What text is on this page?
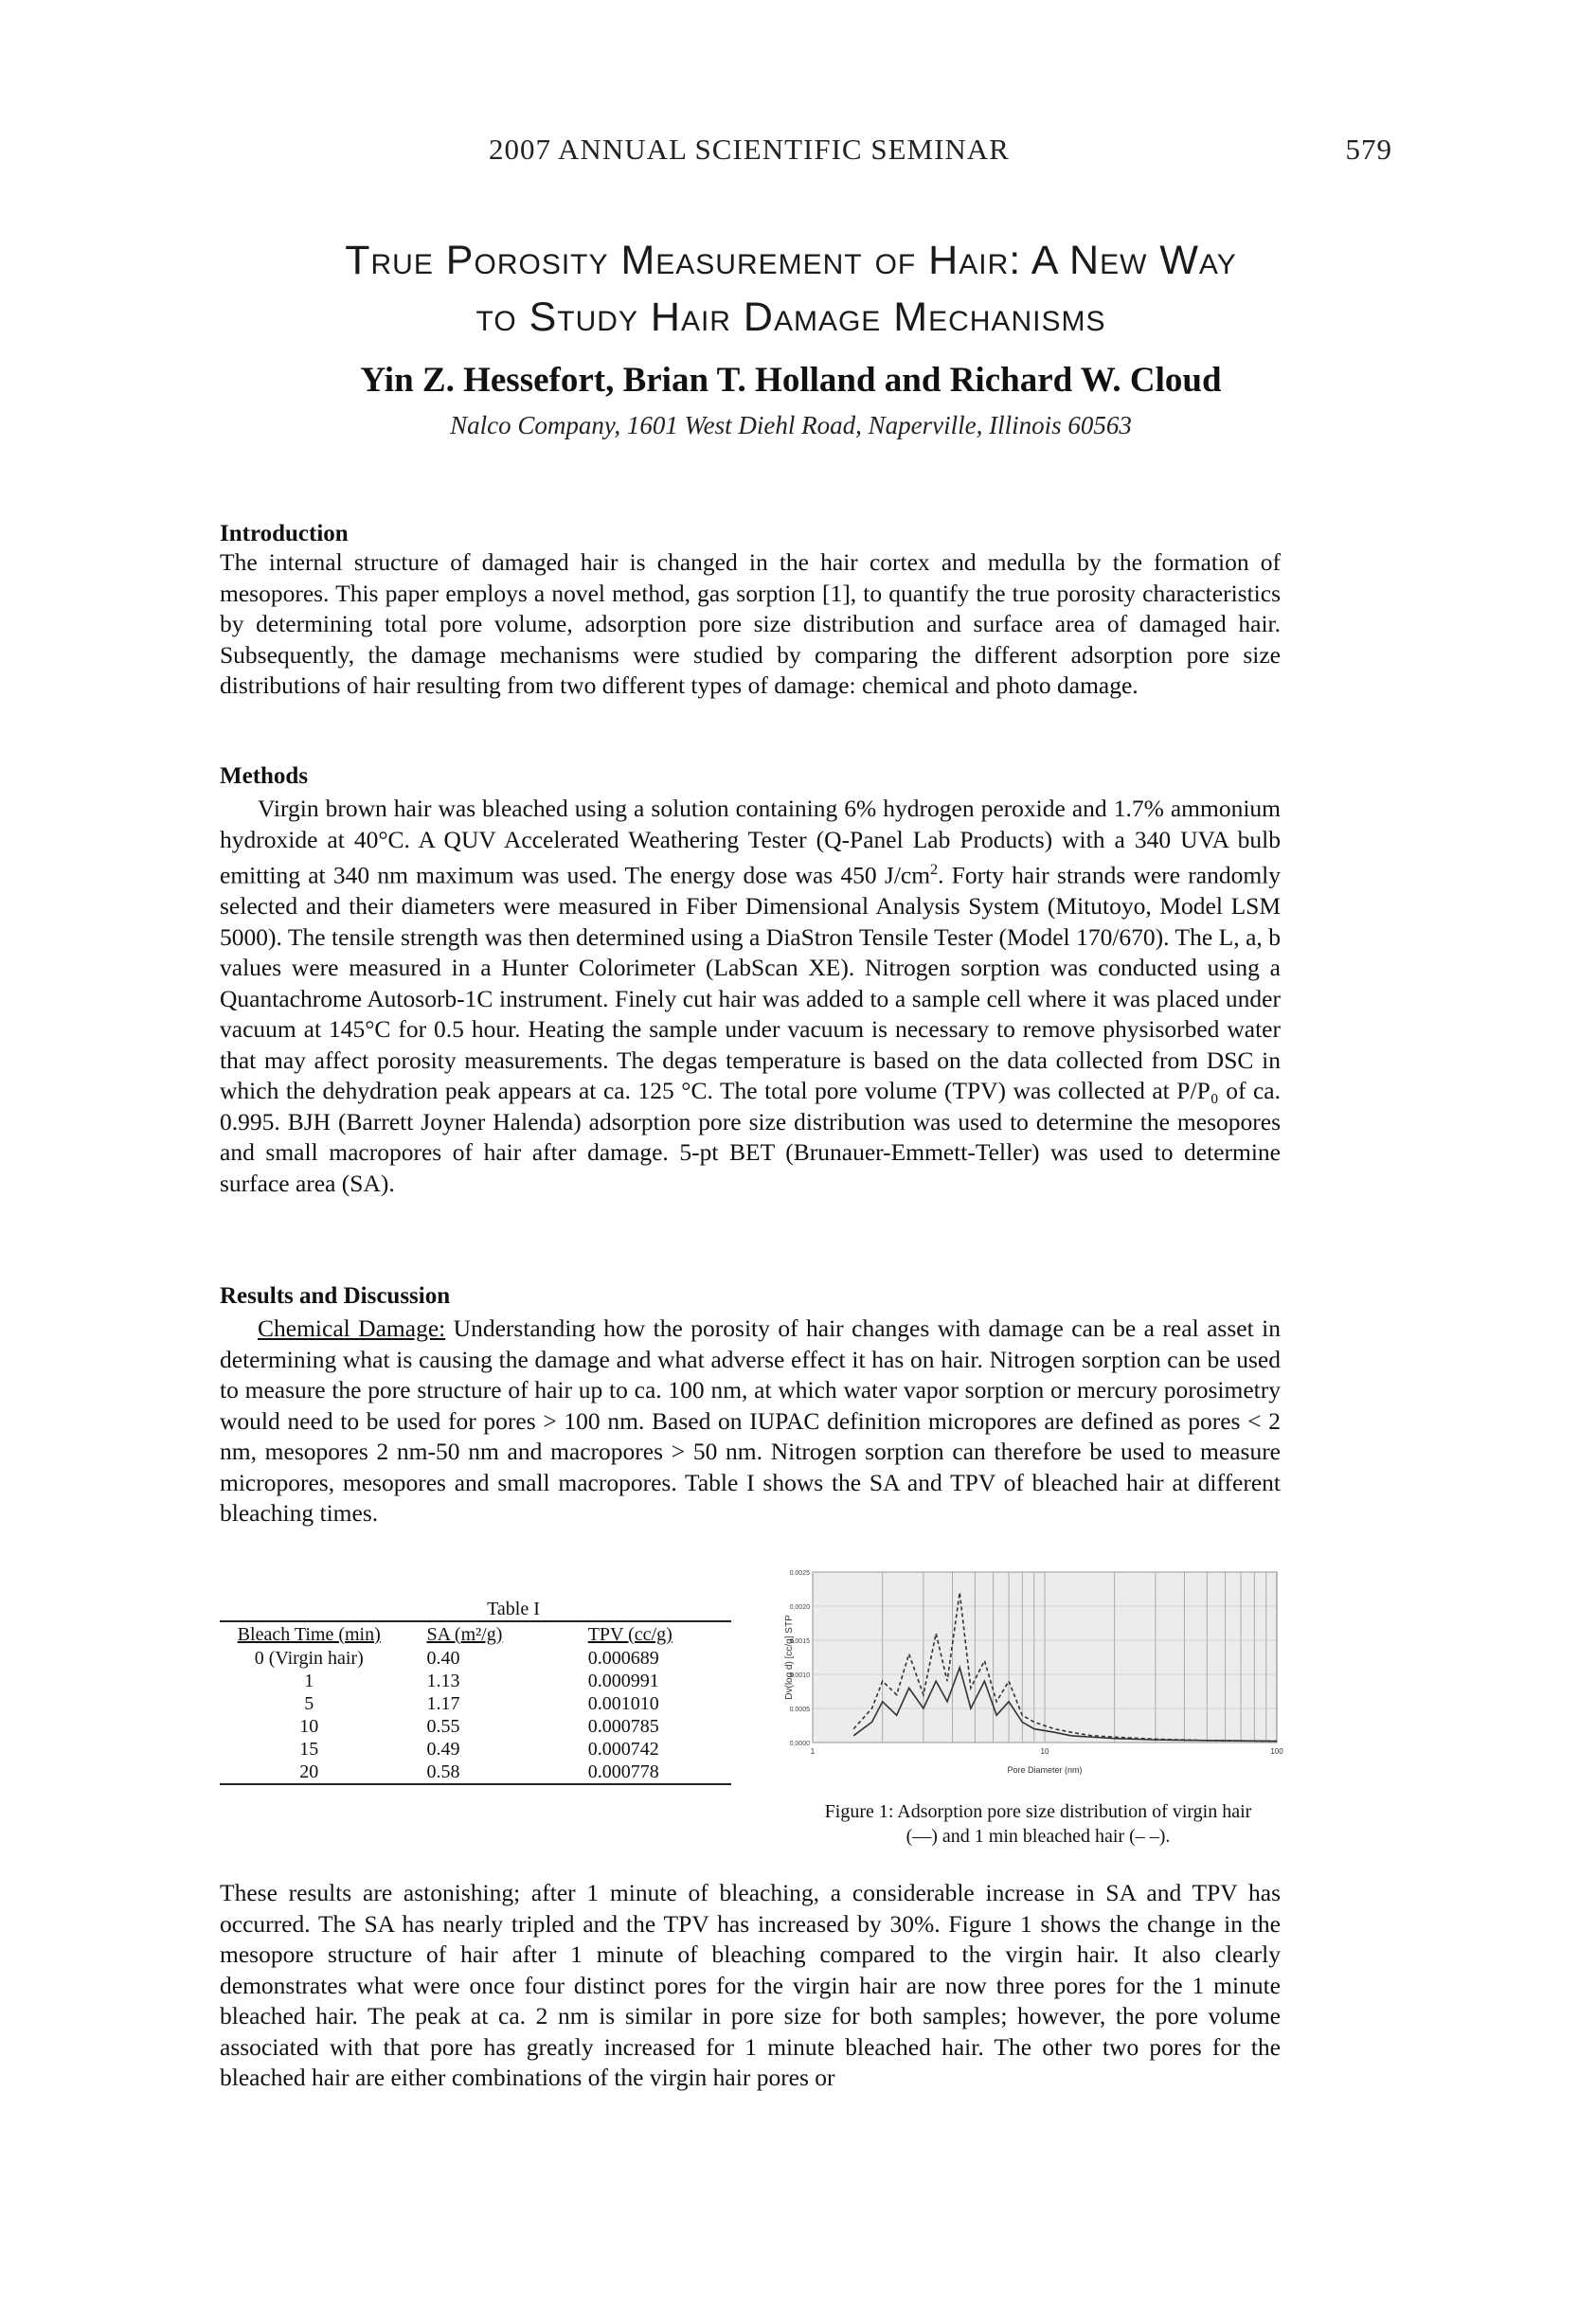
2007 ANNUAL SCIENTIFIC SEMINAR	579
True Porosity Measurement of Hair: A New Way
to Study Hair Damage Mechanisms
Yin Z. Hessefort, Brian T. Holland and Richard W. Cloud
Nalco Company, 1601 West Diehl Road, Naperville, Illinois 60563
Introduction
The internal structure of damaged hair is changed in the hair cortex and medulla by the formation of mesopores. This paper employs a novel method, gas sorption [1], to quantify the true porosity characteristics by determining total pore volume, adsorption pore size distribution and surface area of damaged hair. Subsequently, the damage mechanisms were studied by comparing the different adsorption pore size distributions of hair resulting from two different types of damage: chemical and photo damage.
Methods
Virgin brown hair was bleached using a solution containing 6% hydrogen peroxide and 1.7% ammonium hydroxide at 40°C. A QUV Accelerated Weathering Tester (Q-Panel Lab Products) with a 340 UVA bulb emitting at 340 nm maximum was used. The energy dose was 450 $J/cm^2$. Forty hair strands were randomly selected and their diameters were measured in Fiber Dimensional Analysis System (Mitutoyo, Model LSM 5000). The tensile strength was then determined using a DiaStron Tensile Tester (Model 170/670). The L, a, b values were measured in a Hunter Colorimeter (LabScan XE). Nitrogen sorption was conducted using a Quantachrome Autosorb-1C instrument. Finely cut hair was added to a sample cell where it was placed under vacuum at 145°C for 0.5 hour. Heating the sample under vacuum is necessary to remove physisorbed water that may affect porosity measurements. The degas temperature is based on the data collected from DSC in which the dehydration peak appears at ca. 125 °C. The total pore volume (TPV) was collected at P/P₀ of ca. 0.995. BJH (Barrett Joyner Halenda) adsorption pore size distribution was used to determine the mesopores and small macropores of hair after damage. 5-pt BET (Brunauer-Emmett-Teller) was used to determine surface area (SA).
Results and Discussion
Chemical Damage: Understanding how the porosity of hair changes with damage can be a real asset in determining what is causing the damage and what adverse effect it has on hair. Nitrogen sorption can be used to measure the pore structure of hair up to ca. 100 nm, at which water vapor sorption or mercury porosimetry would need to be used for pores > 100 nm. Based on IUPAC definition micropores are defined as pores < 2 nm, mesopores 2 nm-50 nm and macropores > 50 nm. Nitrogen sorption can therefore be used to measure micropores, mesopores and small macropores. Table I shows the SA and TPV of bleached hair at different bleaching times.
Table I
Bleach Time (min)	SA (m²/g)	TPV (cc/g)
0 (Virgin hair)	0.40	0.000689
1	1.13	0.000991
5	1.17	0.001010
10	0.55	0.000785
15	0.49	0.000742
20	0.58	0.000778
0.0000
0.0005
0.0010
0.0015
0.0020
0.0025
1	10	100
Dv(log d) [cc/g] STP
Pore Diameter (nm)
Figure 1: Adsorption pore size distribution of virgin hair
(—) and 1 min bleached hair (– –).
These results are astonishing; after 1 minute of bleaching, a considerable increase in SA and TPV has occurred. The SA has nearly tripled and the TPV has increased by 30%. Figure 1 shows the change in the mesopore structure of hair after 1 minute of bleaching compared to the virgin hair. It also clearly demonstrates what were once four distinct pores for the virgin hair are now three pores for the 1 minute bleached hair. The peak at ca. 2 nm is similar in pore size for both samples; however, the pore volume associated with that pore has greatly increased for 1 minute bleached hair. The other two pores for the bleached hair are either combinations of the virgin hair pores or
